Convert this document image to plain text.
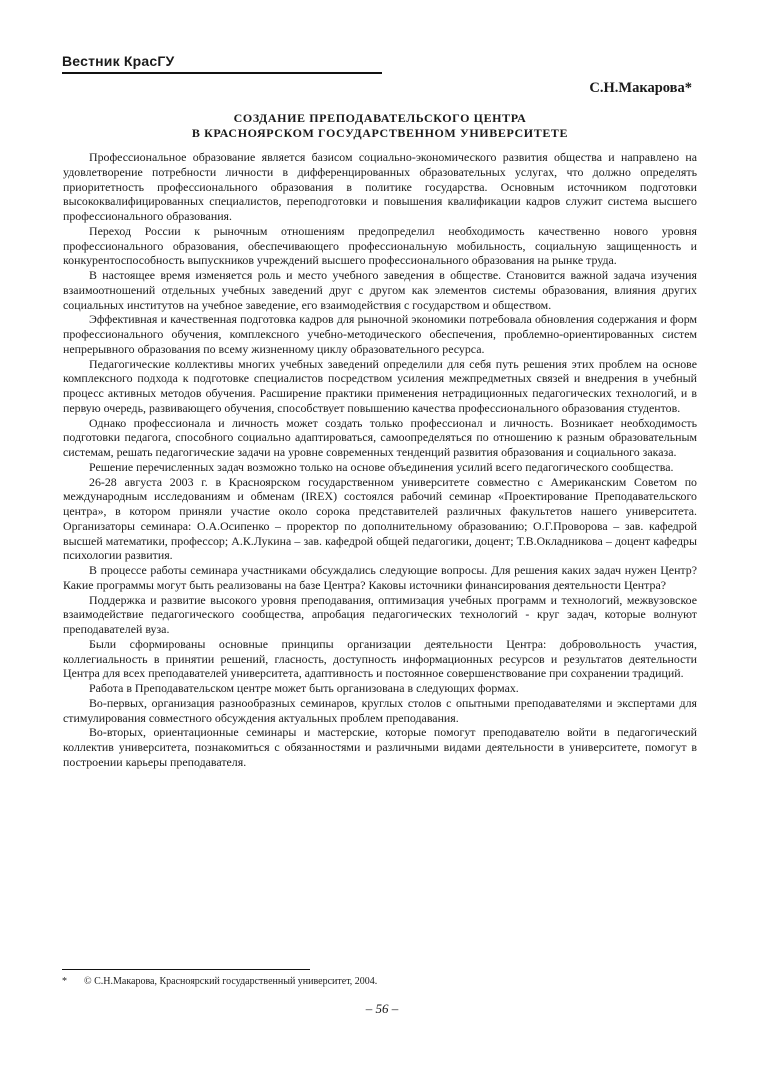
Вестник КрасГУ
С.Н.Макарова*
СОЗДАНИЕ ПРЕПОДАВАТЕЛЬСКОГО ЦЕНТРА
В КРАСНОЯРСКОМ ГОСУДАРСТВЕННОМ УНИВЕРСИТЕТЕ

Профессиональное образование является базисом социально-экономического развития общества и направлено на удовлетворение потребности личности в дифференцированных образовательных услугах, что должно определять приоритетность профессионального образования в политике государства. Основным источником подготовки высококвалифицированных специалистов, переподготовки и повышения квалификации кадров служит система высшего профессионального образования.

Переход России к рыночным отношениям предопределил необходимость качественно нового уровня профессионального образования, обеспечивающего профессиональную мобильность, социальную защищенность и конкурентоспособность выпускников учреждений высшего профессионального образования на рынке труда.

В настоящее время изменяется роль и место учебного заведения в обществе. Становится важной задача изучения взаимоотношений отдельных учебных заведений друг с другом как элементов системы образования, влияния других социальных институтов на учебное заведение, его взаимодействия с государством и обществом.

Эффективная и качественная подготовка кадров для рыночной экономики потребовала обновления содержания и форм профессионального обучения, комплексного учебно-методического обеспечения, проблемно-ориентированных систем непрерывного образования по всему жизненному циклу образовательного ресурса.

Педагогические коллективы многих учебных заведений определили для себя путь решения этих проблем на основе комплексного подхода к подготовке специалистов посредством усиления межпредметных связей и внедрения в учебный процесс активных методов обучения. Расширение практики применения нетрадиционных педагогических технологий, и в первую очередь, развивающего обучения, способствует повышению качества профессионального образования студентов.

Однако профессионала и личность может создать только профессионал и личность. Возникает необходимость подготовки педагога, способного социально адаптироваться, самоопределяться по отношению к разным образовательным системам, решать педагогические задачи на уровне современных тенденций развития образования и социального заказа.

Решение перечисленных задач возможно только на основе объединения усилий всего педагогического сообщества.

26-28 августа 2003 г. в Красноярском государственном университете совместно с Американским Советом по международным исследованиям и обменам (IREX) состоялся рабочий семинар «Проектирование Преподавательского центра», в котором приняли участие около сорока представителей различных факультетов нашего университета. Организаторы семинара: О.А.Осипенко – проректор по дополнительному образованию; О.Г.Проворова – зав. кафедрой высшей математики, профессор; А.К.Лукина – зав. кафедрой общей педагогики, доцент; Т.В.Окладникова – доцент кафедры психологии развития.

В процессе работы семинара участниками обсуждались следующие вопросы. Для решения каких задач нужен Центр? Какие программы могут быть реализованы на базе Центра? Каковы источники финансирования деятельности Центра?

Поддержка и развитие высокого уровня преподавания, оптимизация учебных программ и технологий, межвузовское взаимодействие педагогического сообщества, апробация педагогических технологий - круг задач, которые волнуют преподавателей вуза.

Были сформированы основные принципы организации деятельности Центра: добровольность участия, коллегиальность в принятии решений, гласность, доступность информационных ресурсов и результатов деятельности Центра для всех преподавателей университета, адаптивность и постоянное совершенствование при сохранении традиций.

Работа в Преподавательском центре может быть организована в следующих формах.

Во-первых, организация разнообразных семинаров, круглых столов с опытными преподавателями и экспертами для стимулирования совместного обсуждения актуальных проблем преподавания.

Во-вторых, ориентационные семинары и мастерские, которые помогут преподавателю войти в педагогический коллектив университета, познакомиться с обязанностями и различными видами деятельности в университете, помогут в построении карьеры преподавателя.

* © С.Н.Макарова, Красноярский государственный университет, 2004.
– 56 –
